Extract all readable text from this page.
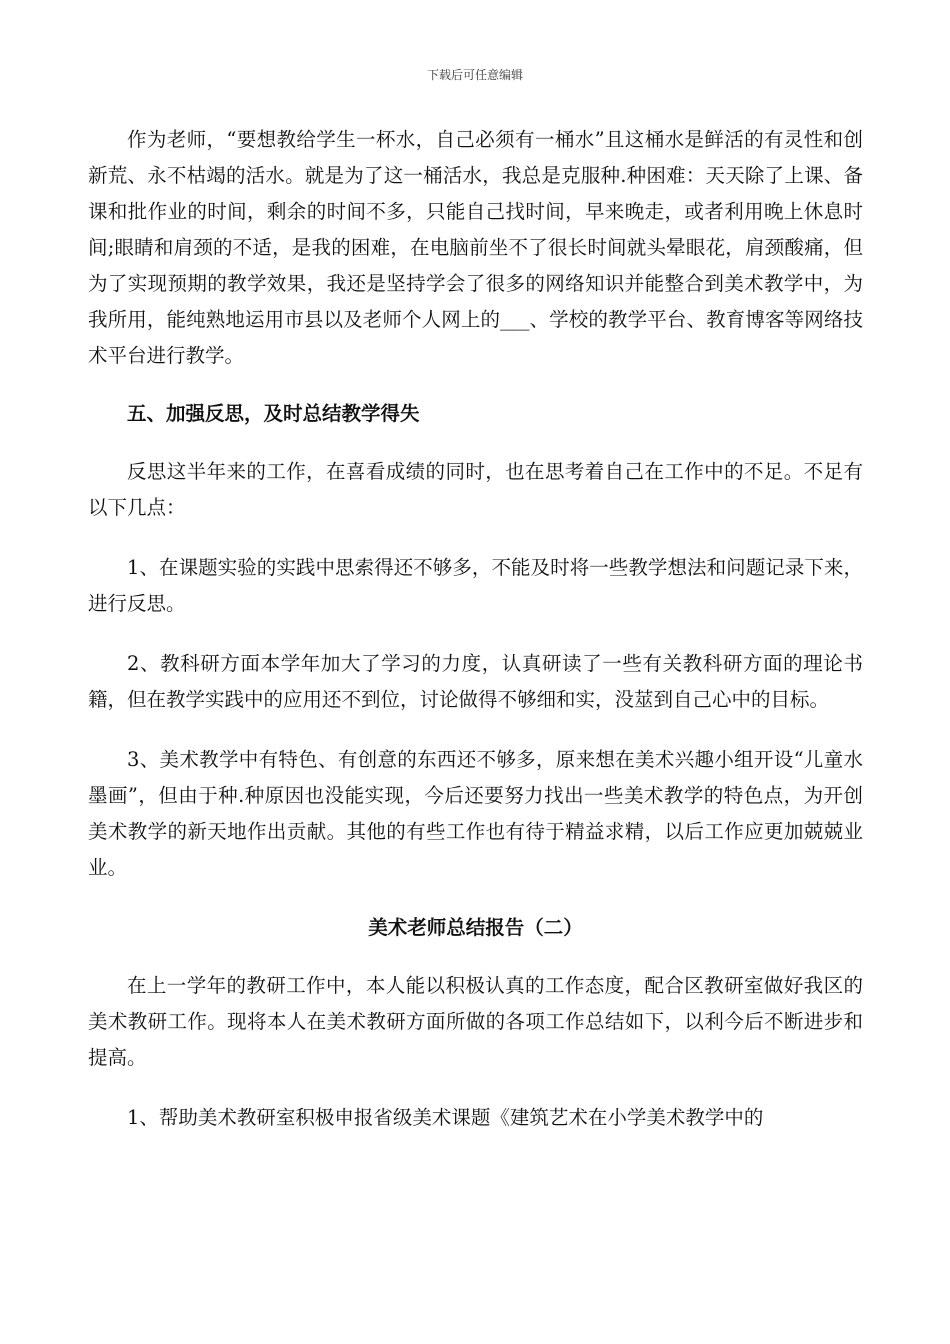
下载后可任意编辑

作为老师，“要想教给学生一杯水，自己必须有一桶水”且这桶水是鲜活的有灵性和创新荒、永不枯竭的活水。就是为了这一桶活水，我总是克服种.种困难：天天除了上课、备课和批作业的时间，剩余的时间不多，只能自己找时间，早来晚走，或者利用晚上休息时间;眼睛和肩颈的不适，是我的困难，在电脑前坐不了很长时间就头晕眼花，肩颈酸痛，但为了实现预期的教学效果，我还是坚持学会了很多的网络知识并能整合到美术教学中，为我所用，能纯熟地运用市县以及老师个人网上的___、学校的教学平台、教育博客等网络技术平台进行教学。

五、加强反思，及时总结教学得失

反思这半年来的工作，在喜看成绩的同时，也在思考着自己在工作中的不足。不足有以下几点：

1、在课题实验的实践中思索得还不够多，不能及时将一些教学想法和问题记录下来，进行反思。

2、教科研方面本学年加大了学习的力度，认真研读了一些有关教科研方面的理论书籍，但在教学实践中的应用还不到位，讨论做得不够细和实，没莁到自己心中的目标。

3、美术教学中有特色、有创意的东西还不够多，原来想在美术兴趣小组开设“儿童水墨画”，但由于种.种原因也没能实现，今后还要努力找出一些美术教学的特色点，为开创美术教学的新天地作出贡献。其他的有些工作也有待于精益求精，以后工作应更加兢兢业业。

美术老师总结报告（二）

在上一学年的教研工作中，本人能以积极认真的工作态度，配合区教研室做好我区的美术教研工作。现将本人在美术教研方面所做的各项工作总结如下，以利今后不断进步和提高。

1、帮助美术教研室积极申报省级美术课题《建筑艺术在小学美术教学中的
